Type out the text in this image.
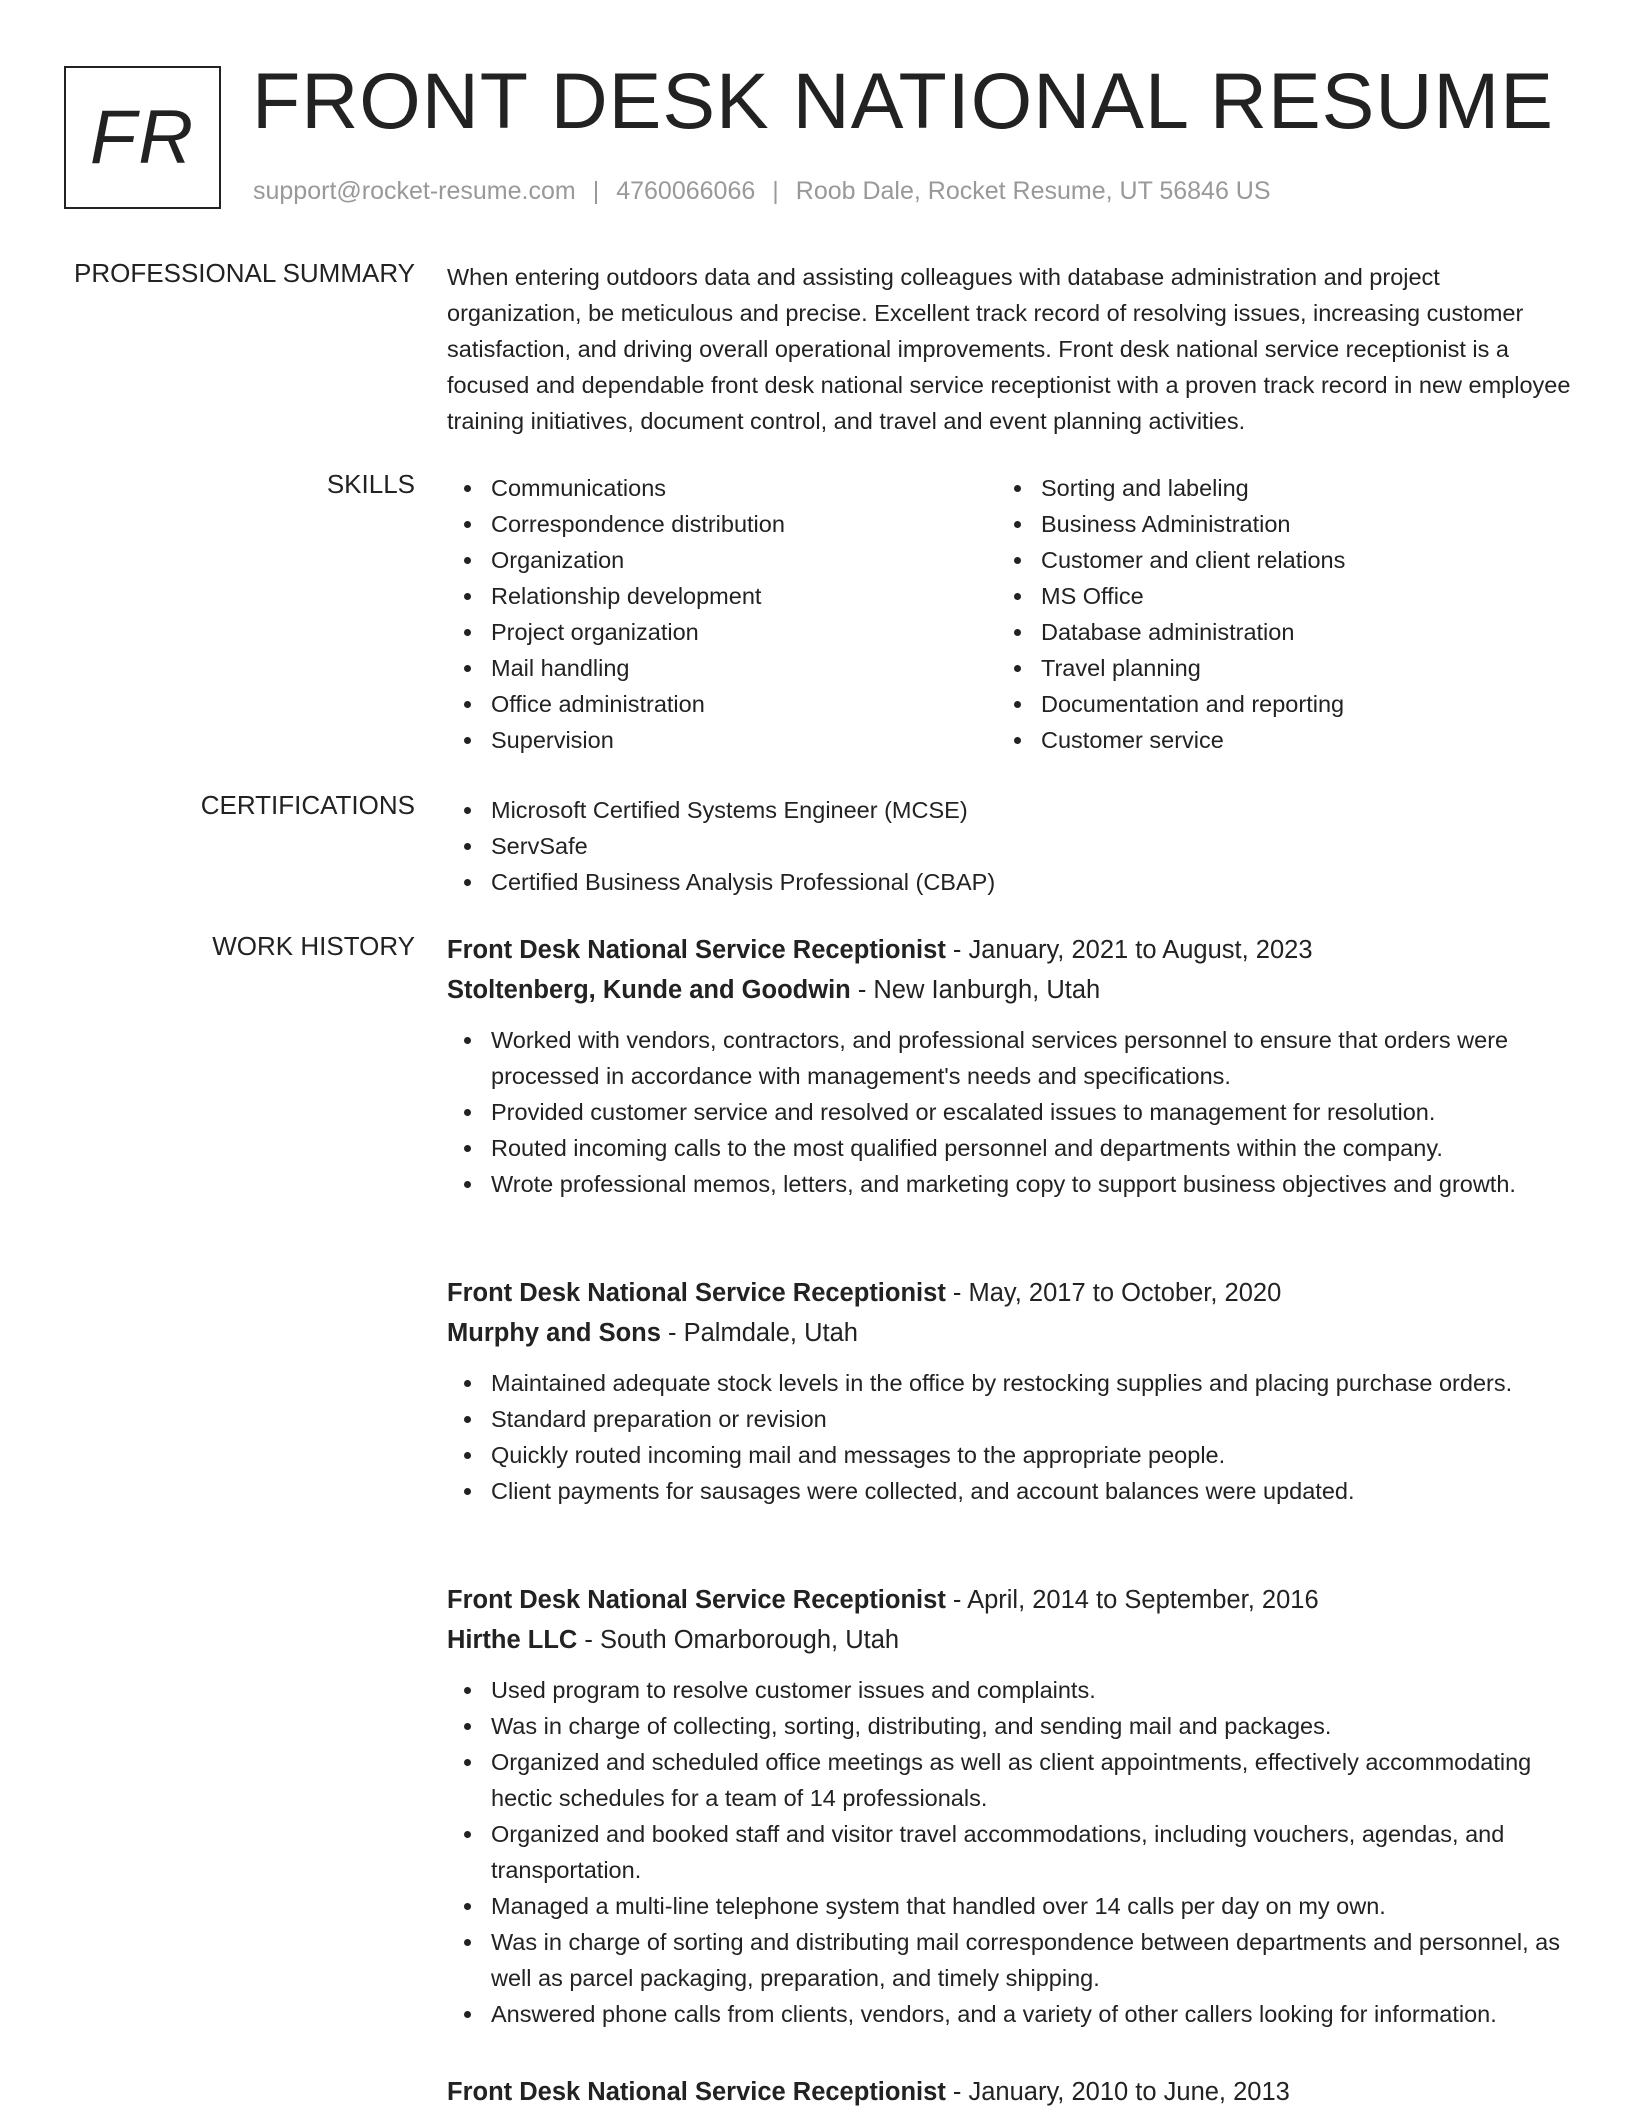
FR FRONT DESK NATIONAL RESUME
support@rocket-resume.com | 4760066066 | Roob Dale, Rocket Resume, UT 56846 US
PROFESSIONAL SUMMARY When entering outdoors data and assisting colleagues with database administration and project organization, be meticulous and precise. Excellent track record of resolving issues, increasing customer satisfaction, and driving overall operational improvements. Front desk national service receptionist is a focused and dependable front desk national service receptionist with a proven track record in new employee training initiatives, document control, and travel and event planning activities.

SKILLS	Communications
Correspondence distribution
Organization
Relationship development
Project organization
Mail handling
Office administration
Supervision
Sorting and labeling
Business Administration
Customer and client relations
MS Office
Database administration
Travel planning
Documentation and reporting
Customer service
CERTIFICATIONS	Microsoft Certified Systems Engineer (MCSE)
ServSafe
Certified Business Analysis Professional (CBAP)
WORK HISTORY Front Desk National Service Receptionist - January, 2021 to August, 2023
Stoltenberg, Kunde and Goodwin - New Ianburgh, Utah
Worked with vendors, contractors, and professional services personnel to ensure that orders were processed in accordance with management's needs and specifications.
Provided customer service and resolved or escalated issues to management for resolution.
Routed incoming calls to the most qualified personnel and departments within the company.
Wrote professional memos, letters, and marketing copy to support business objectives and growth.
Front Desk National Service Receptionist - May, 2017 to October, 2020
Murphy and Sons - Palmdale, Utah
Maintained adequate stock levels in the office by restocking supplies and placing purchase orders.
Standard preparation or revision
Quickly routed incoming mail and messages to the appropriate people.
Client payments for sausages were collected, and account balances were updated.
Front Desk National Service Receptionist - April, 2014 to September, 2016
Hirthe LLC - South Omarborough, Utah
Used program to resolve customer issues and complaints.
Was in charge of collecting, sorting, distributing, and sending mail and packages.
Organized and scheduled office meetings as well as client appointments, effectively accommodating hectic schedules for a team of 14 professionals.
Organized and booked staff and visitor travel accommodations, including vouchers, agendas, and transportation.
Managed a multi-line telephone system that handled over 14 calls per day on my own.
Was in charge of sorting and distributing mail correspondence between departments and personnel, as well as parcel packaging, preparation, and timely shipping.
Answered phone calls from clients, vendors, and a variety of other callers looking for information.
Front Desk National Service Receptionist - January, 2010 to June, 2013
